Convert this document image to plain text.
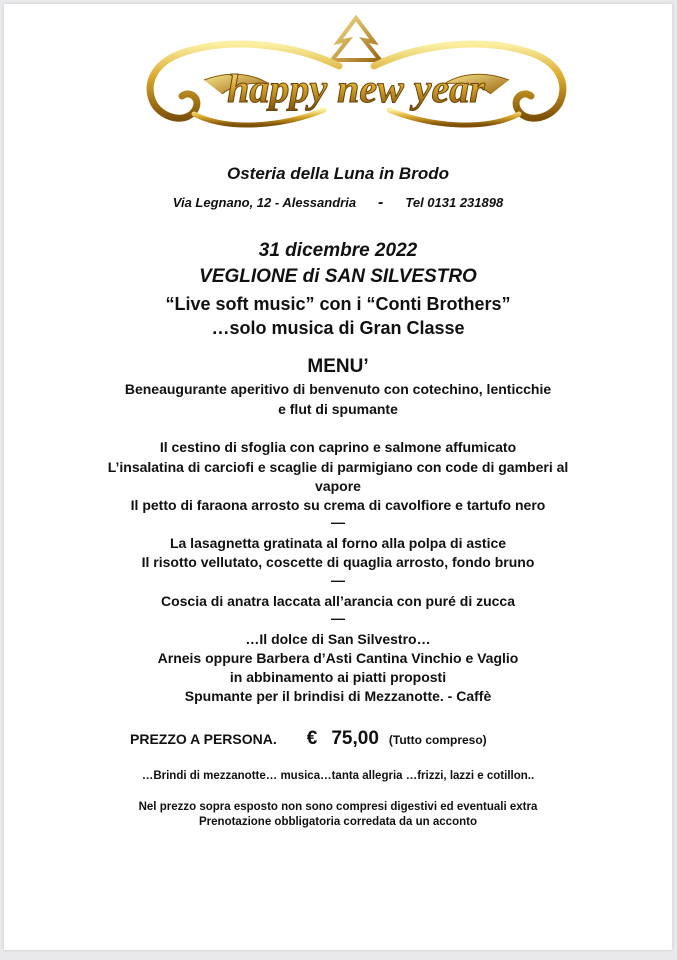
happy new year
Osteria della Luna in Brodo
Via Legnano, 12 - Alessandria - Tel 0131 231898
31 dicembre 2022
VEGLIONE di SAN SILVESTRO
“Live soft music” con i “Conti Brothers”
…solo musica di Gran Classe
MENU’
Beneaugurante aperitivo di benvenuto con cotechino, lenticchie
e flut di spumante
Il cestino di sfoglia con caprino e salmone affumicato
L’insalatina di carciofi e scaglie di parmigiano con code di gamberi al
vapore
Il petto di faraona arrosto su crema di cavolfiore e tartufo nero
—
La lasagnetta gratinata al forno alla polpa di astice
Il risotto vellutato, coscette di quaglia arrosto, fondo bruno
—
Coscia di anatra laccata all’arancia con puré di zucca
—
…Il dolce di San Silvestro…
Arneis oppure Barbera d’Asti Cantina Vinchio e Vaglio
in abbinamento ai piatti proposti
Spumante per il brindisi di Mezzanotte. - Caffè
PREZZO A PERSONA. € 75,00 (Tutto compreso)
…Brindi di mezzanotte… musica…tanta allegria …frizzi, lazzi e cotillon..
Nel prezzo sopra esposto non sono compresi digestivi ed eventuali extra
Prenotazione obbligatoria corredata da un acconto
